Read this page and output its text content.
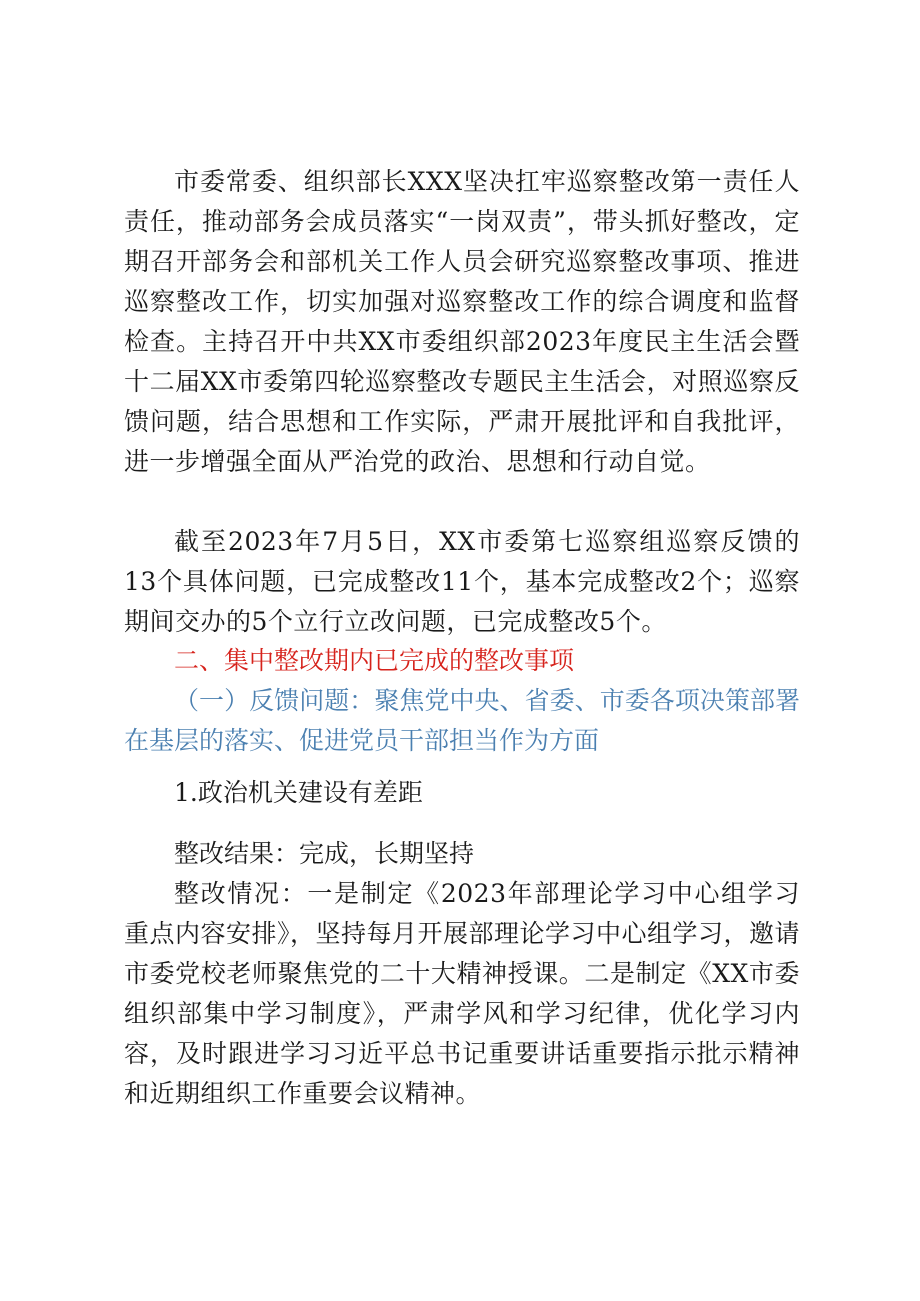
市委常委、组织部长XXX坚决扛牢巡察整改第一责任人责任，推动部务会成员落实“一岗双责”，带头抓好整改，定期召开部务会和部机关工作人员会研究巡察整改事项、推进巡察整改工作，切实加强对巡察整改工作的综合调度和监督检查。主持召开中共XX市委组织部2023年度民主生活会暨十二届XX市委第四轮巡察整改专题民主生活会，对照巡察反馈问题，结合思想和工作实际，严肃开展批评和自我批评，进一步增强全面从严治党的政治、思想和行动自觉。

截至2023年7月5日，XX市委第七巡察组巡察反馈的13个具体问题，已完成整改11个，基本完成整改2个；巡察期间交办的5个立行立改问题，已完成整改5个。

二、集中整改期内已完成的整改事项

（一）反馈问题：聚焦党中央、省委、市委各项决策部署在基层的落实、促进党员干部担当作为方面

1.政治机关建设有差距

整改结果：完成，长期坚持

整改情况：一是制定《2023年部理论学习中心组学习重点内容安排》，坚持每月开展部理论学习中心组学习，邀请市委党校老师聚焦党的二十大精神授课。二是制定《XX市委组织部集中学习制度》，严肃学风和学习纪律，优化学习内容，及时跟进学习习近平总书记重要讲话重要指示批示精神和近期组织工作重要会议精神。
